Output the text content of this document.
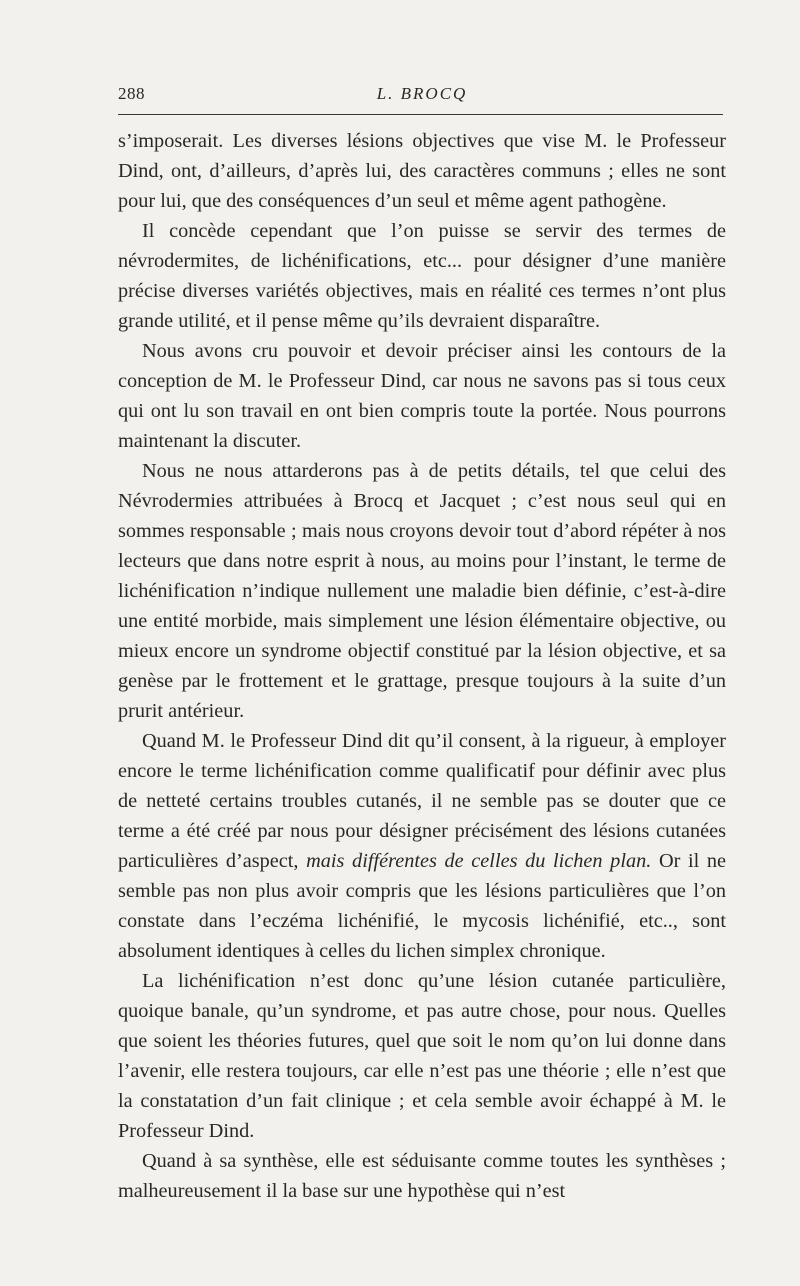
288	L. BROCQ

s’imposerait. Les diverses lésions objectives que vise M. le Professeur Dind, ont, d’ailleurs, d’après lui, des caractères communs ; elles ne sont pour lui, que des conséquences d’un seul et même agent pathogène.

Il concède cependant que l’on puisse se servir des termes de névrodermites, de lichénifications, etc... pour désigner d’une manière précise diverses variétés objectives, mais en réalité ces termes n’ont plus grande utilité, et il pense même qu’ils devraient disparaître.

Nous avons cru pouvoir et devoir préciser ainsi les contours de la conception de M. le Professeur Dind, car nous ne savons pas si tous ceux qui ont lu son travail en ont bien compris toute la portée. Nous pourrons maintenant la discuter.

Nous ne nous attarderons pas à de petits détails, tel que celui des Névrodermies attribuées à Brocq et Jacquet ; c’est nous seul qui en sommes responsable ; mais nous croyons devoir tout d’abord répéter à nos lecteurs que dans notre esprit à nous, au moins pour l’instant, le terme de lichénification n’indique nullement une maladie bien définie, c’est-à-dire une entité morbide, mais simplement une lésion élémentaire objective, ou mieux encore un syndrome objectif constitué par la lésion objective, et sa genèse par le frottement et le grattage, presque toujours à la suite d’un prurit antérieur.

Quand M. le Professeur Dind dit qu’il consent, à la rigueur, à employer encore le terme lichénification comme qualificatif pour définir avec plus de netteté certains troubles cutanés, il ne semble pas se douter que ce terme a été créé par nous pour désigner précisément des lésions cutanées particulières d’aspect, mais différentes de celles du lichen plan. Or il ne semble pas non plus avoir compris que les lésions particulières que l’on constate dans l’eczéma lichénifié, le mycosis lichénifié, etc.., sont absolument identiques à celles du lichen simplex chronique.

La lichénification n’est donc qu’une lésion cutanée particulière, quoique banale, qu’un syndrome, et pas autre chose, pour nous. Quelles que soient les théories futures, quel que soit le nom qu’on lui donne dans l’avenir, elle restera toujours, car elle n’est pas une théorie ; elle n’est que la constatation d’un fait clinique ; et cela semble avoir échappé à M. le Professeur Dind.

Quand à sa synthèse, elle est séduisante comme toutes les synthèses ; malheureusement il la base sur une hypothèse qui n’est
